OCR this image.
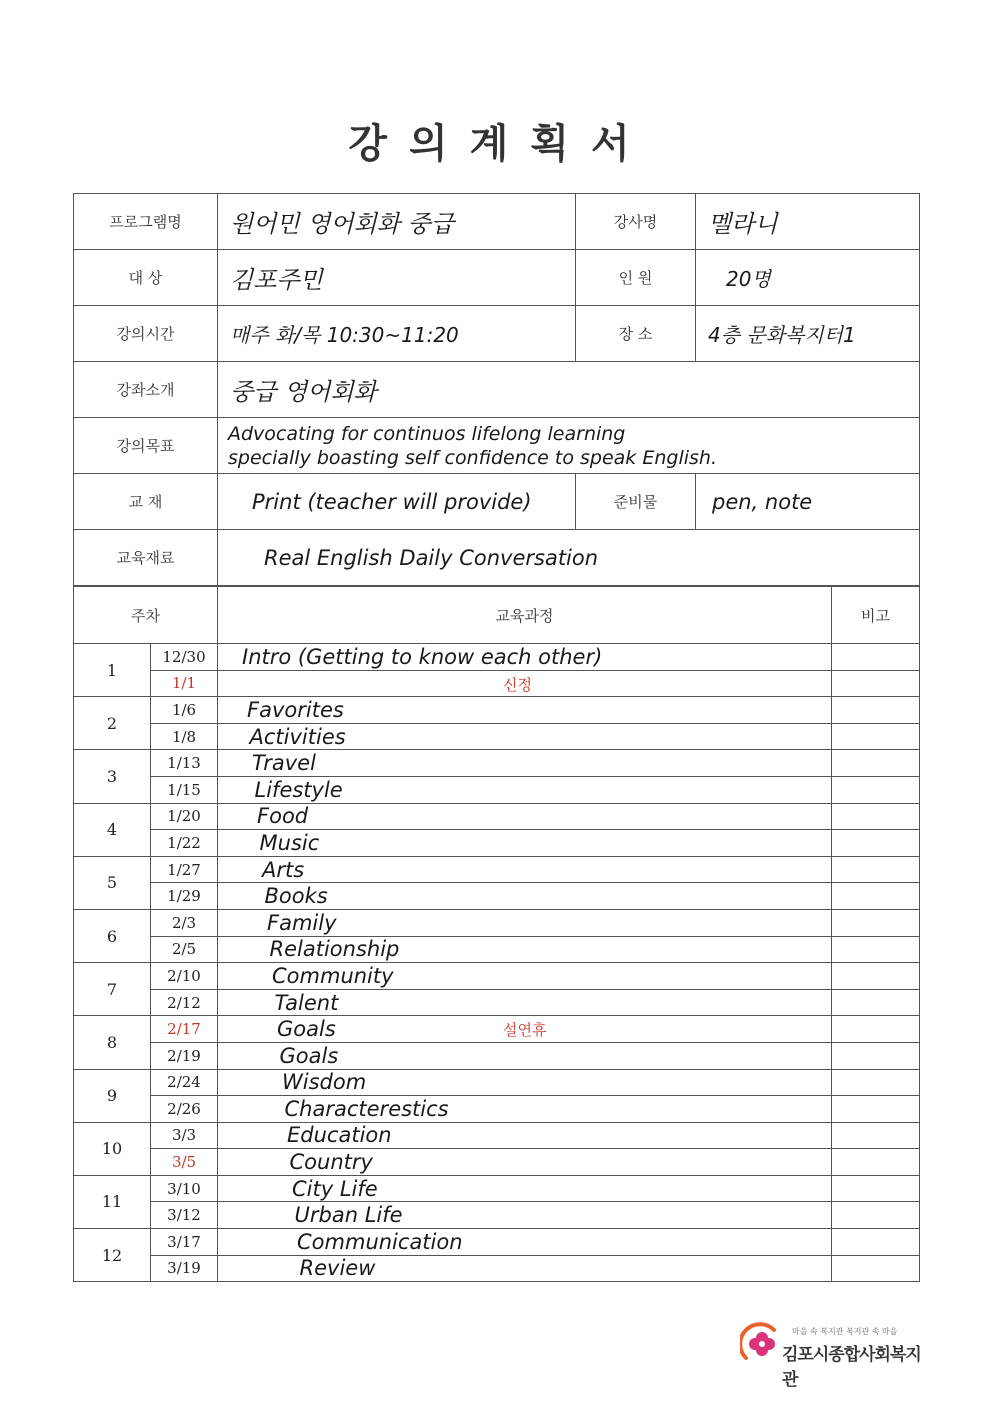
강의계획서
프로그램명	원어민 영어회화 중급	강사명	멜라니
대 상	김포주민	인 원	20명
강의시간	매주 화/목 10:30~11:20	장 소	4층 문화복지터1
강좌소개	중급 영어회화		
강의목표	Advocating for continuos lifelong learning
specially boasting self confidence to speak English.		

교 재	Print (teacher will provide)	준비물	pen, note
교육재료	Real English Daily Conversation		
주차		교육과정	비고
1	12/30	Intro (Getting to know each other)	
	1/1	신정	

2	1/6	Favorites	
	1/8	Activities	
3	1/13	Travel	
	1/15	Lifestyle	
4	1/20	Food	
	1/22	Music	
5	1/27	Arts	
	1/29	Books	
6	2/3	Family	
	2/5	Relationship	
7	2/10	Community	
	2/12	Talent	
8	2/17	Goals 설연휴	

	2/19	Goals	
9	2/24	Wisdom	
	2/26	Characterestics	
10	3/3	Education	
	3/5	Country	
11	3/10	City Life	
	3/12	Urban Life	
12	3/17	Communication	
	3/19	Review	
마을 속 복지관 복지관 속 마을
김포시종합사회복지관
